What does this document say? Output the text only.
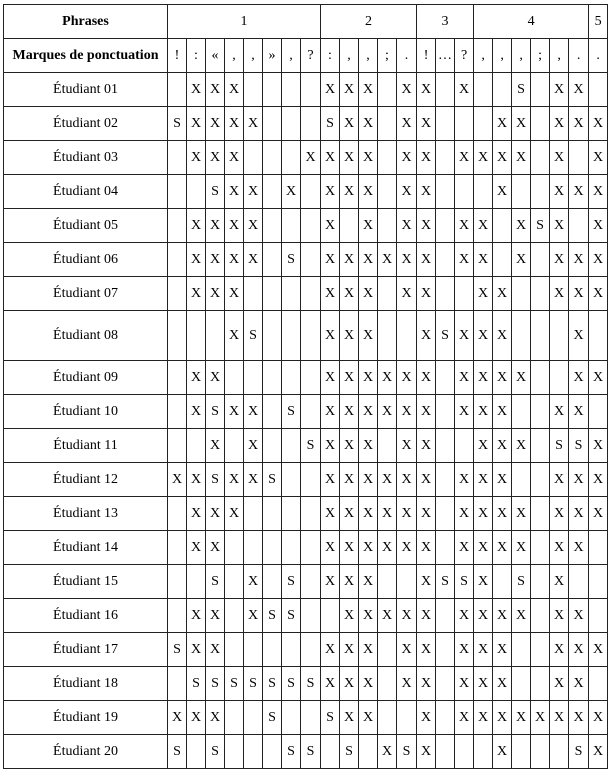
Phrases	1								2					3			4						5
Marques de ponctuation	!	:	«	,	,	»	,	?	:	,	,	;	.	!	…	?	,	,	,	;	,	.	.
Étudiant 01		X	X	X					X	X	X		X	X		X			S		X	X	
Étudiant 02	S	X	X	X	X				S	X	X		X	X				X	X		X	X	X
Étudiant 03		X	X	X				X	X	X	X		X	X		X	X	X	X		X		X
Étudiant 04			S	X	X		X		X	X	X		X	X				X			X	X	X
Étudiant 05		X	X	X	X				X		X		X	X		X	X		X	S	X		X
Étudiant 06		X	X	X	X		S		X	X	X	X	X	X		X	X		X		X	X	X
Étudiant 07		X	X	X					X	X	X		X	X			X	X			X	X	X
Étudiant 08				X	S				X	X	X			X	S	X	X	X				X	
Étudiant 09		X	X						X	X	X	X	X	X		X	X	X	X			X	X
Étudiant 10		X	S	X	X		S		X	X	X	X	X	X		X	X	X			X	X	
Étudiant 11			X		X			S	X	X	X		X	X			X	X	X		S	S	X
Étudiant 12	X	X	S	X	X	S			X	X	X	X	X	X		X	X	X			X	X	X
Étudiant 13		X	X	X					X	X	X	X	X	X		X	X	X	X		X	X	X
Étudiant 14		X	X						X	X	X	X	X	X		X	X	X	X		X	X	
Étudiant 15			S		X		S		X	X	X			X	S	S	X		S		X		
Étudiant 16		X	X		X	S	S			X	X	X	X	X		X	X	X	X		X	X	
Étudiant 17	S	X	X						X	X	X		X	X		X	X	X			X	X	X
Étudiant 18		S	S	S	S	S	S	S	X	X	X		X	X		X	X	X			X	X	
Étudiant 19	X	X	X			S			S	X	X			X		X	X	X	X	X	X	X	X
Étudiant 20	S		S				S	S		S		X	S	X				X				S	X
